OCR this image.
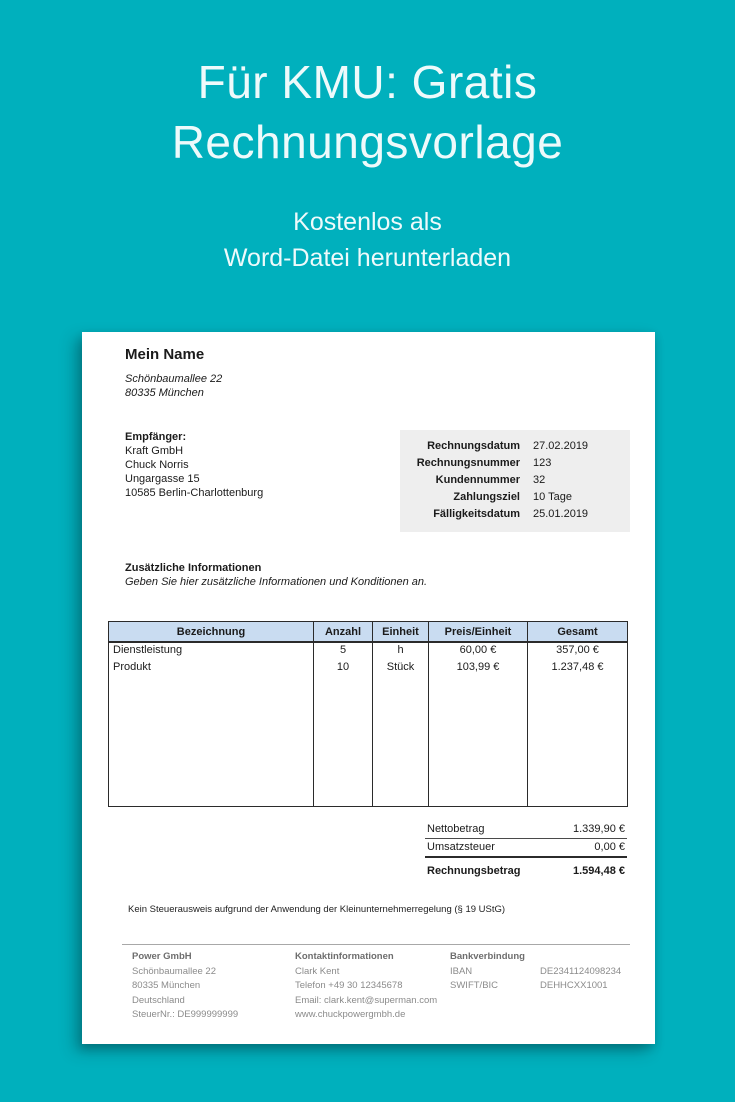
Für KMU: Gratis
Rechnungsvorlage
Kostenlos als
Word-Datei herunterladen
Mein Name
Schönbaumallee 22
80335 München
Empfänger:
Kraft GmbH
Chuck Norris
Ungargasse 15
10585 Berlin-Charlottenburg
Rechnungsdatum 27.02.2019
Rechnungsnummer 123
Kundennummer 32
Zahlungsziel 10 Tage
Fälligkeitsdatum 25.01.2019
Zusätzliche Informationen
Geben Sie hier zusätzliche Informationen und Konditionen an.
Bezeichnung	Anzahl	Einheit	Preis/Einheit	Gesamt
Dienstleistung	5	h	60,00 €	357,00 €
Produkt	10	Stück	103,99 €	1.237,48 €

Nettobetrag	1.339,90 €
Umsatzsteuer	0,00 €
Rechnungsbetrag	1.594,48 €
Kein Steuerausweis aufgrund der Anwendung der Kleinunternehmerregelung (§ 19 UStG)
Power GmbH
Schönbaumallee 22
80335 München
Deutschland
SteuerNr.: DE999999999
Kontaktinformationen
Clark Kent
Telefon +49 30 12345678
Email: clark.kent@superman.com
www.chuckpowergmbh.de
Bankverbindung
IBAN	DE2341124098234
SWIFT/BIC	DEHHCXX1001
